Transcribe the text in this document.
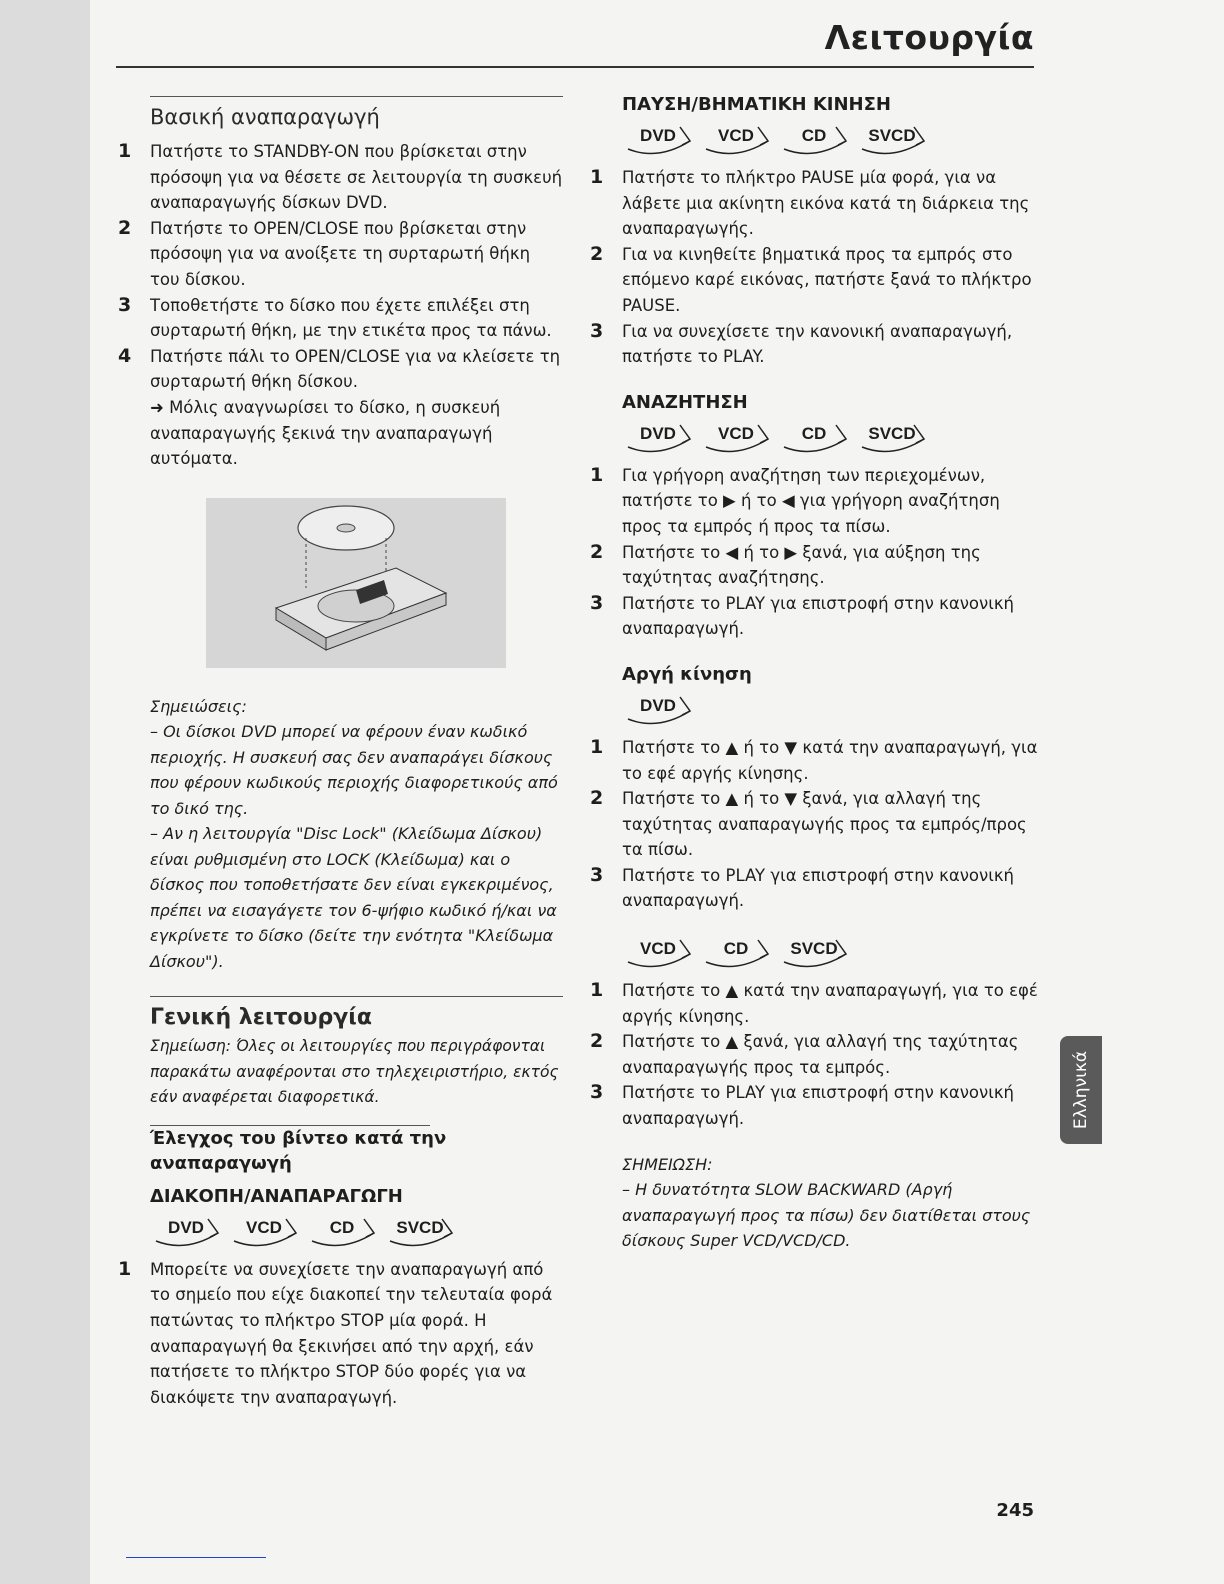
Λειτουργία
Βασική αναπαραγωγή
1 Πατήστε το STANDBY-ON που βρίσκεται στην πρόσοψη για να θέσετε σε λειτουργία τη συσκευή αναπαραγωγής δίσκων DVD.
2 Πατήστε το OPEN/CLOSE που βρίσκεται στην πρόσοψη για να ανοίξετε τη συρταρωτή θήκη του δίσκου.
3 Τοποθετήστε το δίσκο που έχετε επιλέξει στη συρταρωτή θήκη, με την ετικέτα προς τα πάνω.
4 Πατήστε πάλι το OPEN/CLOSE για να κλείσετε τη συρταρωτή θήκη δίσκου.
➜ Μόλις αναγνωρίσει το δίσκο, η συσκευή αναπαραγωγής ξεκινά την αναπαραγωγή αυτόματα.

Σημειώσεις:

– Οι δίσκοι DVD μπορεί να φέρουν έναν κωδικό περιοχής. Η συσκευή σας δεν αναπαράγει δίσκους που φέρουν κωδικούς περιοχής διαφορετικούς από το δικό της.

– Αν η λειτουργία "Disc Lock" (Κλείδωμα Δίσκου) είναι ρυθμισμένη στο LOCK (Κλείδωμα) και ο δίσκος που τοποθετήσατε δεν είναι εγκεκριμένος, πρέπει να εισαγάγετε τον 6-ψήφιο κωδικό ή/και να εγκρίνετε το δίσκο (δείτε την ενότητα "Κλείδωμα Δίσκου").

Γενική λειτουργία
Σημείωση: Όλες οι λειτουργίες που περιγράφονται παρακάτω αναφέρονται στο τηλεχειριστήριο, εκτός εάν αναφέρεται διαφορετικά.
Έλεγχος του βίντεο κατά την αναπαραγωγή
ΔΙΑΚΟΠΗ/ΑΝΑΠΑΡΑΓΩΓΗ
DVD	VCD	CD	SVCD
1 Μπορείτε να συνεχίσετε την αναπαραγωγή από το σημείο που είχε διακοπεί την τελευταία φορά πατώντας το πλήκτρο STOP μία φορά. Η αναπαραγωγή θα ξεκινήσει από την αρχή, εάν πατήσετε το πλήκτρο STOP δύο φορές για να διακόψετε την αναπαραγωγή.
ΠΑΥΣΗ/ΒΗΜΑΤΙΚΗ ΚΙΝΗΣΗ
DVD	VCD	CD	SVCD
1 Πατήστε το πλήκτρο PAUSE μία φορά, για να λάβετε μια ακίνητη εικόνα κατά τη διάρκεια της αναπαραγωγής.
2 Για να κινηθείτε βηματικά προς τα εμπρός στο επόμενο καρέ εικόνας, πατήστε ξανά το πλήκτρο PAUSE.
3 Για να συνεχίσετε την κανονική αναπαραγωγή, πατήστε το PLAY.
ΑΝΑΖΗΤΗΣΗ
DVD	VCD	CD	SVCD
1 Για γρήγορη αναζήτηση των περιεχομένων, πατήστε το ▶ ή το ◀ για γρήγορη αναζήτηση προς τα εμπρός ή προς τα πίσω.
2 Πατήστε το ◀ ή το ▶ ξανά, για αύξηση της ταχύτητας αναζήτησης.
3 Πατήστε το PLAY για επιστροφή στην κανονική αναπαραγωγή.
Αργή κίνηση
DVD
1 Πατήστε το ▲ ή το ▼ κατά την αναπαραγωγή, για το εφέ αργής κίνησης.
2 Πατήστε το ▲ ή το ▼ ξανά, για αλλαγή της ταχύτητας αναπαραγωγής προς τα εμπρός/προς τα πίσω.
3 Πατήστε το PLAY για επιστροφή στην κανονική αναπαραγωγή.
VCD	CD	SVCD
1 Πατήστε το ▲ κατά την αναπαραγωγή, για το εφέ αργής κίνησης.
2 Πατήστε το ▲ ξανά, για αλλαγή της ταχύτητας αναπαραγωγής προς τα εμπρός.
3 Πατήστε το PLAY για επιστροφή στην κανονική αναπαραγωγή.

ΣΗΜΕΙΩΣΗ:

– Η δυνατότητα SLOW BACKWARD (Αργή αναπαραγωγή προς τα πίσω) δεν διατίθεται στους δίσκους Super VCD/VCD/CD.

Ελληνικά
245
